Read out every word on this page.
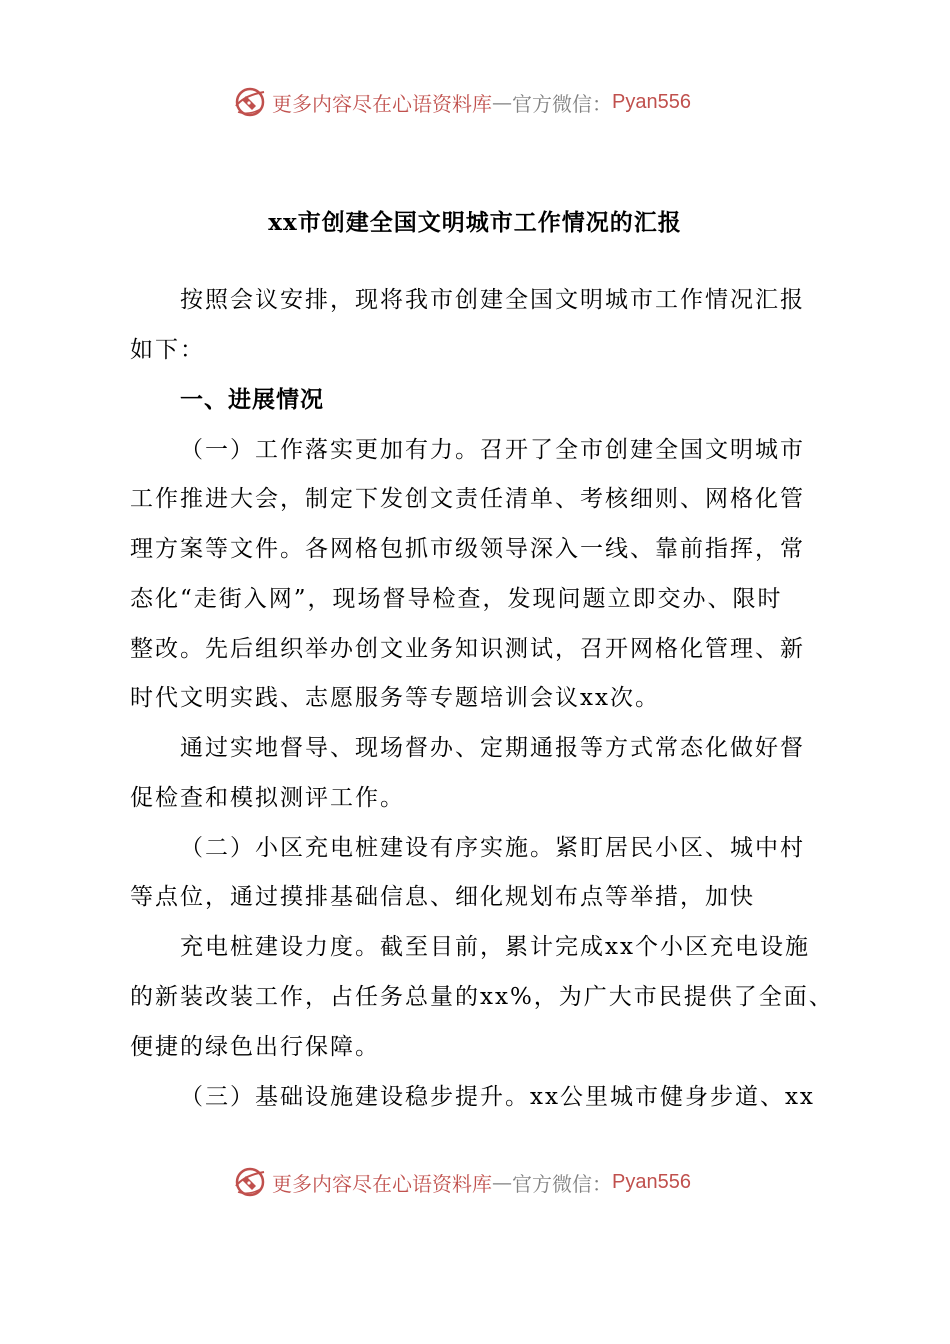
更多内容尽在心语资料库 — 官方微信： Pyan556
xx市创建全国文明城市工作情况的汇报

按照会议安排，现将我市创建全国文明城市工作情况汇报

如下：

一、进展情况

（一）工作落实更加有力。召开了全市创建全国文明城市

工作推进大会，制定下发创文责任清单、考核细则、网格化管

理方案等文件。各网格包抓市级领导深入一线、靠前指挥，常

态化“走街入网”，现场督导检查，发现问题立即交办、限时

整改。先后组织举办创文业务知识测试，召开网格化管理、新

时代文明实践、志愿服务等专题培训会议xx次。

通过实地督导、现场督办、定期通报等方式常态化做好督

促检查和模拟测评工作。

（二）小区充电桩建设有序实施。紧盯居民小区、城中村

等点位，通过摸排基础信息、细化规划布点等举措，加快

充电桩建设力度。截至目前，累计完成xx个小区充电设施

的新装改装工作，占任务总量的xx%，为广大市民提供了全面、

便捷的绿色出行保障。

（三）基础设施建设稳步提升。xx公里城市健身步道、xx

更多内容尽在心语资料库 — 官方微信： Pyan556
